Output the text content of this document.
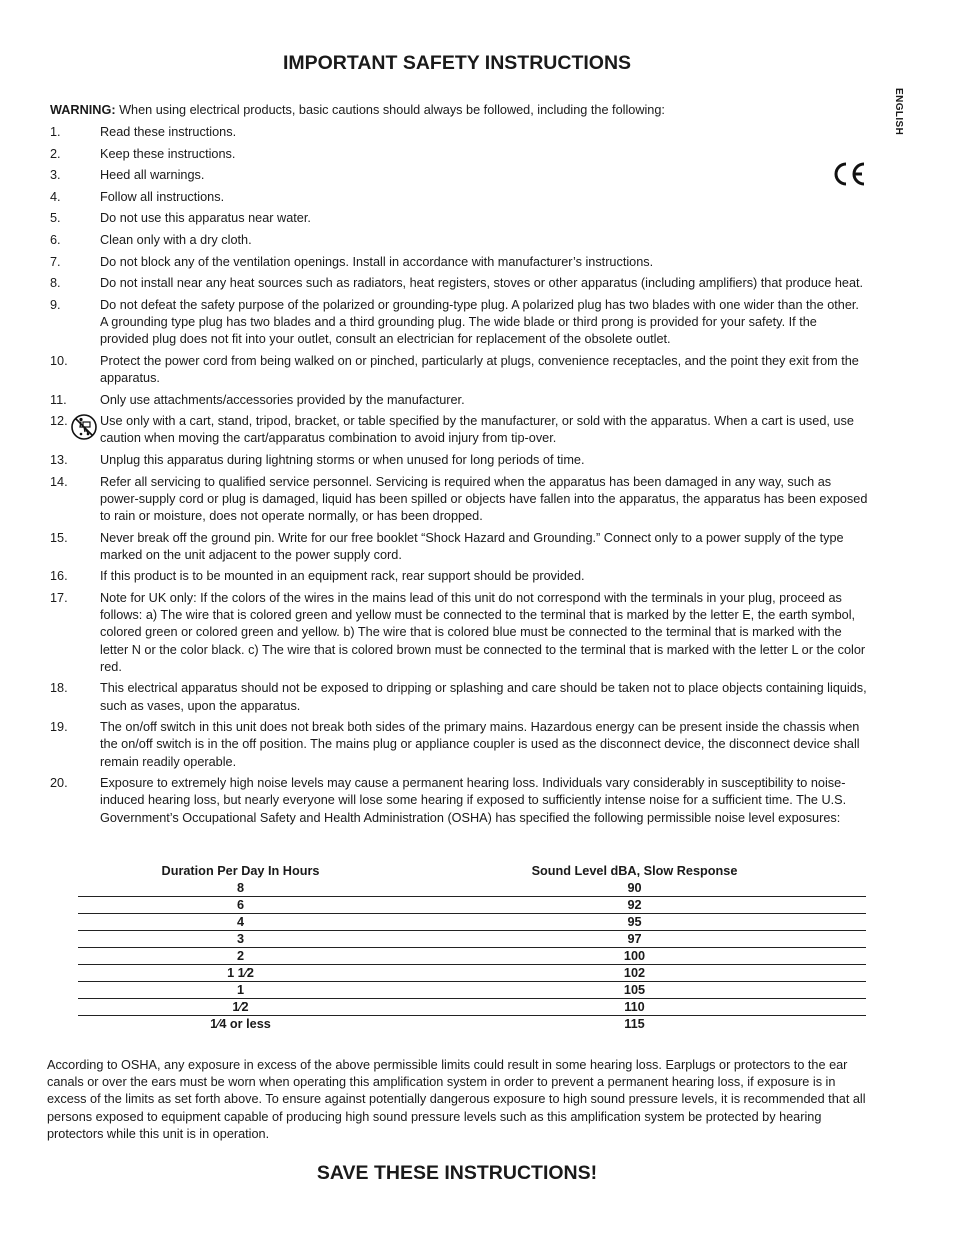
IMPORTANT SAFETY INSTRUCTIONS
ENGLISH

WARNING: When using electrical products, basic cautions should always be followed, including the following:

1.	Read these instructions.
2.	Keep these instructions.
3.	Heed all warnings.
4.	Follow all instructions.
5.	Do not use this apparatus near water.
6.	Clean only with a dry cloth.
7.	Do not block any of the ventilation openings. Install in accordance with manufacturer’s instructions.
8.	Do not install near any heat sources such as radiators, heat registers, stoves or other apparatus (including amplifiers) that produce heat.
9.	Do not defeat the safety purpose of the polarized or grounding-type plug. A polarized plug has two blades with one wider than the other. A grounding type plug has two blades and a third grounding plug. The wide blade or third prong is provided for your safety. If the provided plug does not fit into your outlet, consult an electrician for replacement of the obsolete outlet.
10.	Protect the power cord from being walked on or pinched, particularly at plugs, convenience receptacles, and the point they exit from the apparatus.
11.	Only use attachments/accessories provided by the manufacturer.
12.	Use only with a cart, stand, tripod, bracket, or table specified by the manufacturer, or sold with the apparatus. When a cart is used, use caution when moving the cart/apparatus combination to avoid injury from tip-over.
13.	Unplug this apparatus during lightning storms or when unused for long periods of time.
14.	Refer all servicing to qualified service personnel. Servicing is required when the apparatus has been damaged in any way, such as power-supply cord or plug is damaged, liquid has been spilled or objects have fallen into the apparatus, the apparatus has been exposed to rain or moisture, does not operate normally, or has been dropped.
15.	Never break off the ground pin. Write for our free booklet “Shock Hazard and Grounding.” Connect only to a power supply of the type marked on the unit adjacent to the power supply cord.
16.	If this product is to be mounted in an equipment rack, rear support should be provided.
17.	Note for UK only: If the colors of the wires in the mains lead of this unit do not correspond with the terminals in your plug, proceed as follows: a) The wire that is colored green and yellow must be connected to the terminal that is marked by the letter E, the earth symbol, colored green or colored green and yellow. b) The wire that is colored blue must be connected to the terminal that is marked with the letter N or the color black. c) The wire that is colored brown must be connected to the terminal that is marked with the letter L or the color red.
18.	This electrical apparatus should not be exposed to dripping or splashing and care should be taken not to place objects containing liquids, such as vases, upon the apparatus.
19.	The on/off switch in this unit does not break both sides of the primary mains. Hazardous energy can be present inside the chassis when the on/off switch is in the off position. The mains plug or appliance coupler is used as the disconnect device, the disconnect device shall remain readily operable.
20.	Exposure to extremely high noise levels may cause a permanent hearing loss. Individuals vary considerably in susceptibility to noise-induced hearing loss, but nearly everyone will lose some hearing if exposed to sufficiently intense noise for a sufficient time. The U.S. Government’s Occupational Safety and Health Administration (OSHA) has specified the following permissible noise level exposures:
Duration Per Day In Hours	Sound Level dBA, Slow Response
8	90
6	92
4	95
3	97
2	100
1 1⁄2	102
1	105
1⁄2	110
1⁄4 or less	115

According to OSHA, any exposure in excess of the above permissible limits could result in some hearing loss. Earplugs or protectors to the ear canals or over the ears must be worn when operating this amplification system in order to prevent a permanent hearing loss, if exposure is in excess of the limits as set forth above. To ensure against potentially dangerous exposure to high sound pressure levels, it is recommended that all persons exposed to equipment capable of producing high sound pressure levels such as this amplification system be protected by hearing protectors while this unit is in operation.

SAVE THESE INSTRUCTIONS!
